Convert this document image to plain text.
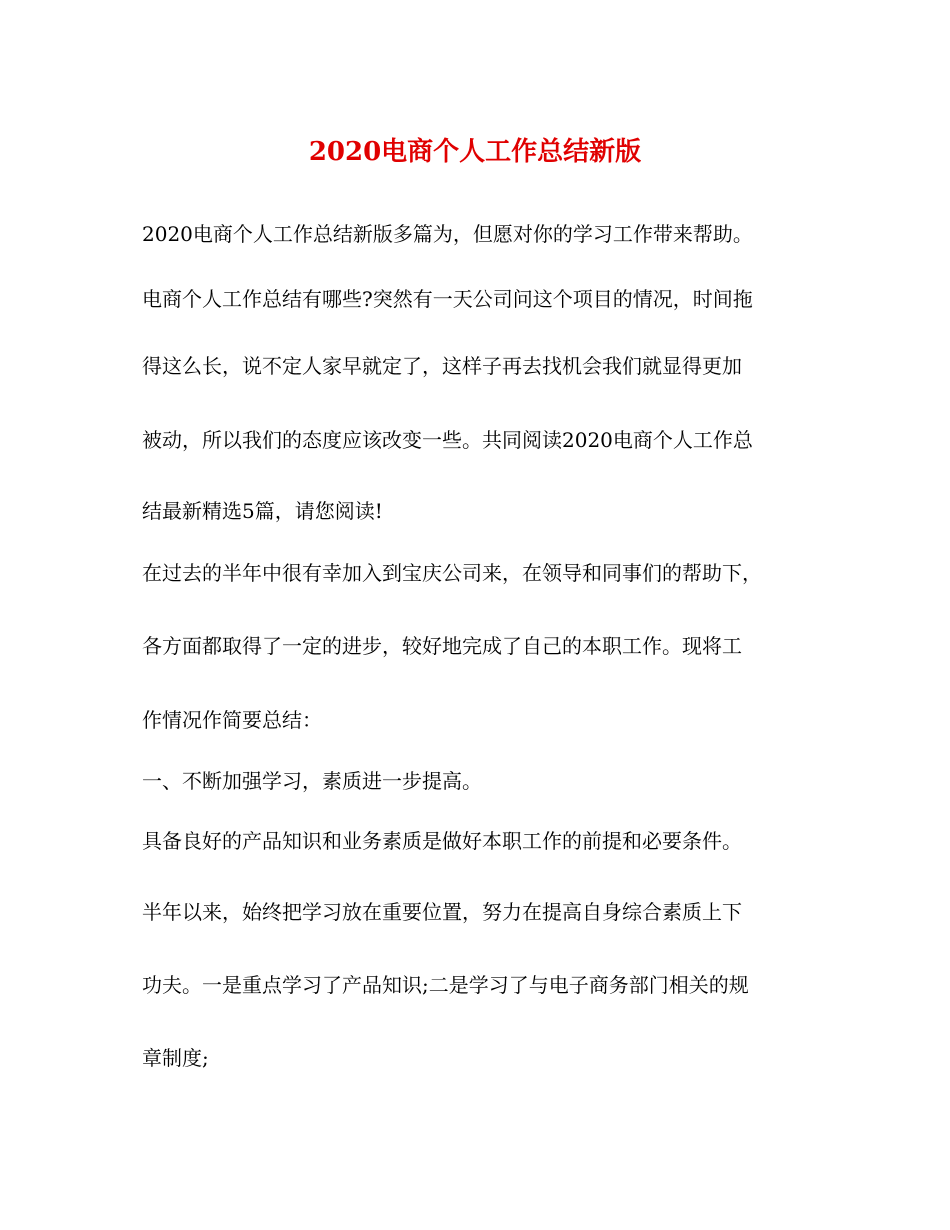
2020电商个人工作总结新版

2020电商个人工作总结新版多篇为，但愿对你的学习工作带来帮助。

电商个人工作总结有哪些?突然有一天公司问这个项目的情况，时间拖

得这么长，说不定人家早就定了，这样子再去找机会我们就显得更加

被动，所以我们的态度应该改变一些。共同阅读2020电商个人工作总

结最新精选5篇，请您阅读!

在过去的半年中很有幸加入到宝庆公司来，在领导和同事们的帮助下，

各方面都取得了一定的进步，较好地完成了自己的本职工作。现将工

作情况作简要总结：

一、不断加强学习，素质进一步提高。

具备良好的产品知识和业务素质是做好本职工作的前提和必要条件。

半年以来，始终把学习放在重要位置，努力在提高自身综合素质上下

功夫。一是重点学习了产品知识;二是学习了与电子商务部门相关的规

章制度;
